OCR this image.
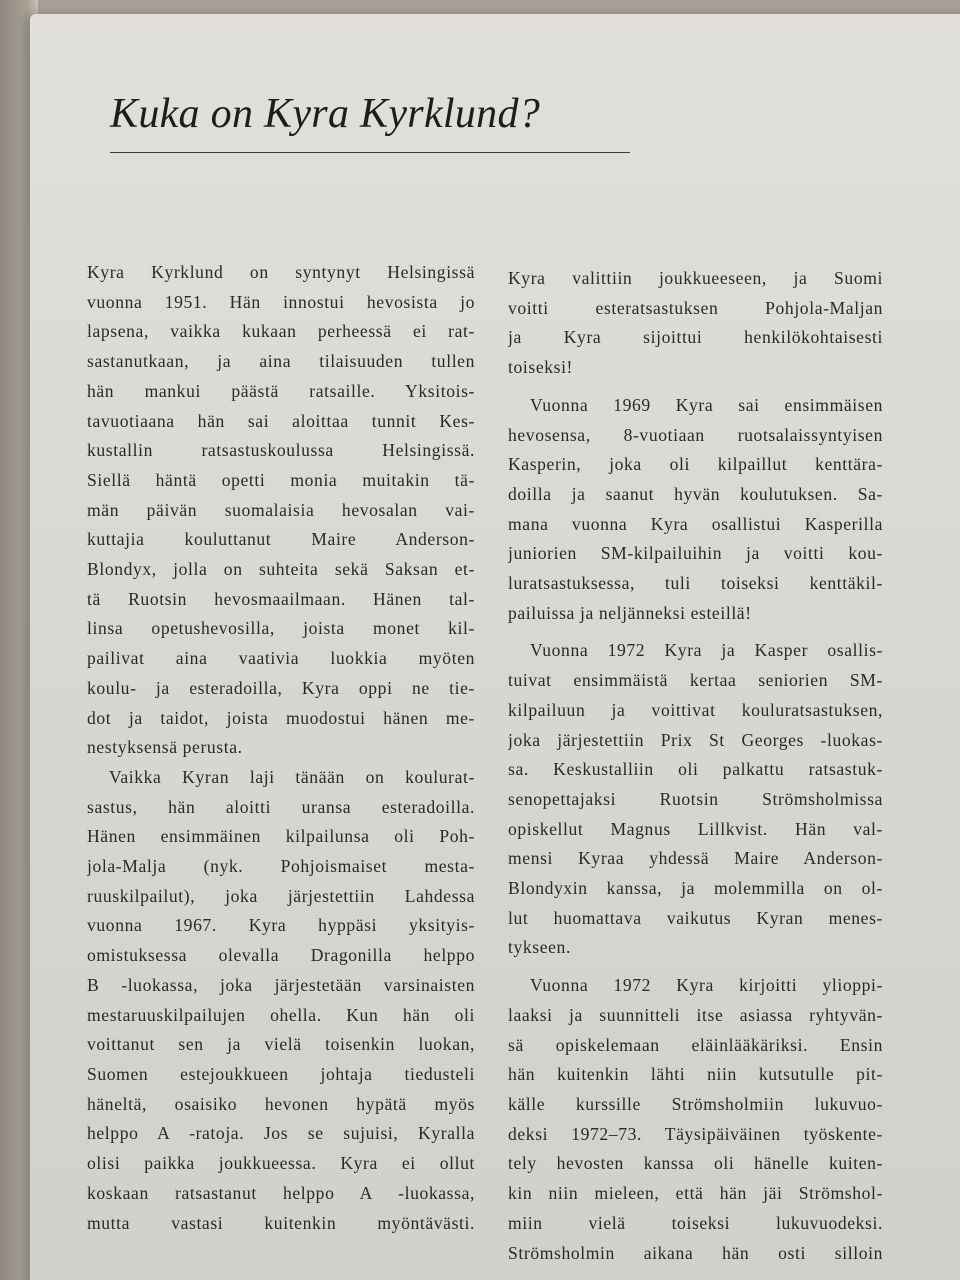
Kuka on Kyra Kyrklund?
Kyra Kyrklund on syntynyt Helsingissä
vuonna 1951. Hän innostui hevosista jo
lapsena, vaikka kukaan perheessä ei rat-
sastanutkaan, ja aina tilaisuuden tullen
hän mankui päästä ratsaille. Yksitois-
tavuotiaana hän sai aloittaa tunnit Kes-
kustallin ratsastuskoulussa Helsingissä.
Siellä häntä opetti monia muitakin tä-
män päivän suomalaisia hevosalan vai-
kuttajia kouluttanut Maire Anderson-
Blondyx, jolla on suhteita sekä Saksan et-
tä Ruotsin hevosmaailmaan. Hänen tal-
linsa opetushevosilla, joista monet kil-
pailivat aina vaativia luokkia myöten
koulu- ja esteradoilla, Kyra oppi ne tie-
dot ja taidot, joista muodostui hänen me-
nestyksensä perusta.
Vaikka Kyran laji tänään on koulurat-
sastus, hän aloitti uransa esteradoilla.
Hänen ensimmäinen kilpailunsa oli Poh-
jola-Malja (nyk. Pohjoismaiset mesta-
ruuskilpailut), joka järjestettiin Lahdessa
vuonna 1967. Kyra hyppäsi yksityis-
omistuksessa olevalla Dragonilla helppo
B -luokassa, joka järjestetään varsinaisten
mestaruuskilpailujen ohella. Kun hän oli
voittanut sen ja vielä toisenkin luokan,
Suomen estejoukkueen johtaja tiedusteli
häneltä, osaisiko hevonen hypätä myös
helppo A -ratoja. Jos se sujuisi, Kyralla
olisi paikka joukkueessa. Kyra ei ollut
koskaan ratsastanut helppo A -luokassa,
mutta vastasi kuitenkin myöntävästi.
Kyra valittiin joukkueeseen, ja Suomi
voitti esteratsastuksen Pohjola-Maljan
ja Kyra sijoittui henkilökohtaisesti
toiseksi!
Vuonna 1969 Kyra sai ensimmäisen
hevosensa, 8-vuotiaan ruotsalaissyntyisen
Kasperin, joka oli kilpaillut kenttära-
doilla ja saanut hyvän koulutuksen. Sa-
mana vuonna Kyra osallistui Kasperilla
juniorien SM-kilpailuihin ja voitti kou-
luratsastuksessa, tuli toiseksi kenttäkil-
pailuissa ja neljänneksi esteillä!
Vuonna 1972 Kyra ja Kasper osallis-
tuivat ensimmäistä kertaa seniorien SM-
kilpailuun ja voittivat kouluratsastuksen,
joka järjestettiin Prix St Georges -luokas-
sa. Keskustalliin oli palkattu ratsastuk-
senopettajaksi Ruotsin Strömsholmissa
opiskellut Magnus Lillkvist. Hän val-
mensi Kyraa yhdessä Maire Anderson-
Blondyxin kanssa, ja molemmilla on ol-
lut huomattava vaikutus Kyran menes-
tykseen.
Vuonna 1972 Kyra kirjoitti ylioppi-
laaksi ja suunnitteli itse asiassa ryhtyvän-
sä opiskelemaan eläinlääkäriksi. Ensin
hän kuitenkin lähti niin kutsutulle pit-
källe kurssille Strömsholmiin lukuvuo-
deksi 1972–73. Täysipäiväinen työskente-
tely hevosten kanssa oli hänelle kuiten-
kin niin mieleen, että hän jäi Strömshol-
miin vielä toiseksi lukuvuodeksi.
Strömsholmin aikana hän osti silloin
